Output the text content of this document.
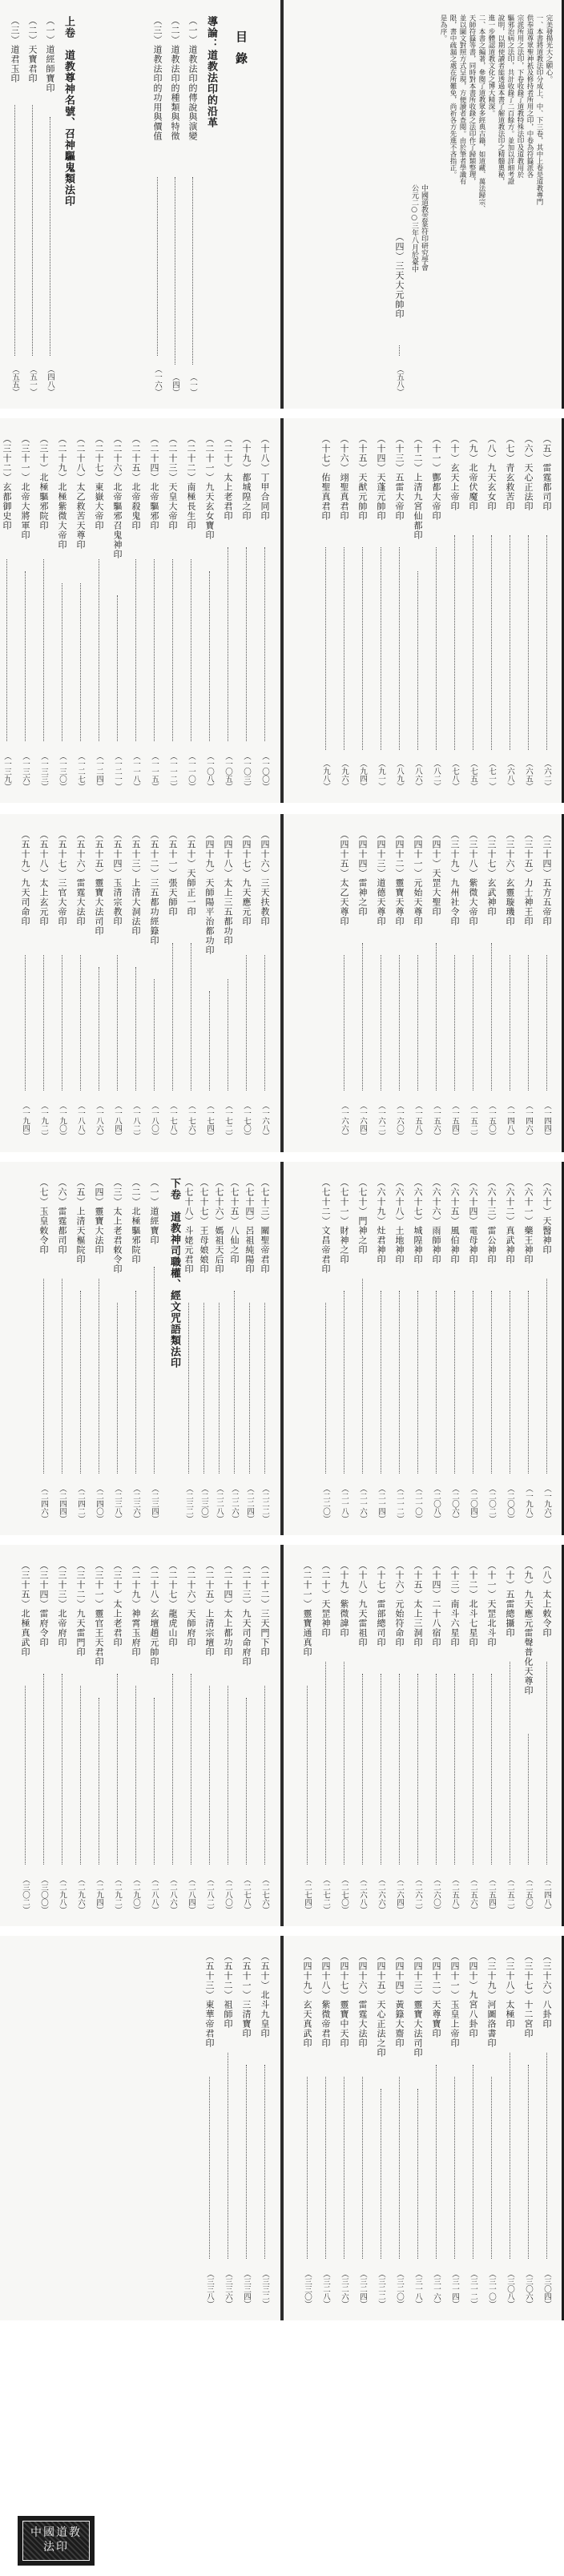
目錄
導論：道教法印的沿革
上卷　道教尊神名號、召神驅鬼類法印	（一）道教法印的傳說與演變
（一）
（二）道教法印的種類與特徵
（四）
（三）道教法印的功用與價值
（一六）
（一）道經師寶印
（四八）
（二）天寶君印
（五一）
（三）道君玉印
（五五）
完美發揚光大之願心。
一、本書將道教法印分成上、中、下三卷，其中上卷是道教專門
供奉道尊眾聖神祇及修持者所用之印，中卷為符籙派各
宗派所用之法印，下卷收錄了道教特殊法印及道教用於
驅邪治病之法印，共計收錄了二百餘方。並加以詳細考證
說明，以期使讀者能透過本書了解道教法印之精髓奧秘，
進一步體認道教文化之博大精深。
二、本書之編著，參閱了道教眾多經典古籍，如道藏、萬法歸宗、
天師符籙等書，同時對本書所收錄之法印作了歸類整理，
並以圖文對照方式呈現，方便讀者查閱。由於筆者學識有
限，書中疏漏之處在所難免，尚祈各方先進不吝指正。
是為序。
中國道教雲篆符印研究學會
公元二○○三年八月於臺中
（四）三天大元帥印
（五八）
（十八）丁甲合同印
（一〇〇）
（十九）都城隍之印
（一〇三）
（二十）太上老君印
（一〇五）
（二十一）九天玄女寶印
（一〇八）
（二十二）南極長生印
（一一〇）
（二十三）天皇大帝印
（一一二）
（二十四）北帝驅邪印
（一一五）
（二十五）北帝殺鬼印
（一一八）
（二十六）北帝驅邪召鬼神印
（一二一）
（二十七）東嶽大帝印
（一二四）
（二十八）太乙救苦天尊印
（一二七）
（二十九）北極紫微大帝印
（一三〇）
（三十）北極驅邪院印
（一三三）
（三十一）北帝大將軍印
（一三六）
（三十二）玄都御史印
（一三九）
（五）雷霆都司印
（六二）
（六）天心正法印
（六五）
（七）青玄救苦印
（六八）
（八）九天玄女印
（七一）
（九）北帝伏魔印
（七五）
（十）玄天上帝印
（七八）
（十一）酆都大帝印
（八二）
（十二）上清九宮仙都印
（八六）
（十三）五雷大帝印
（八九）
（十四）天蓬元帥印
（九一）
（十五）天猷元帥印
（九四）
（十六）翊聖真君印
（九六）
（十七）佑聖真君印
（九八）
（四十六）三天扶教印
（一六八）
（四十七）九天應元印
（一七〇）
（四十八）太上三五都功印
（一七二）
（四十九）天師陽平治都功印
（一七四）
（五十）天師正一印
（一七六）
（五十一）張天師印
（一七八）
（五十二）三五都功經籙印
（一八〇）
（五十三）上清大洞法印
（一八二）
（五十四）玉清宗教印
（一八四）
（五十五）靈寶大法司印
（一八六）
（五十六）雷霆大法印
（一八八）
（五十七）三官大帝印
（一九〇）
（五十八）太上玄元印
（一九二）
（五十九）九天司命印
（一九四）
（三十四）五方五帝印
（一四四）
（三十五）力士神王印
（一四六）
（三十六）玄靈璇璣印
（一四八）
（三十七）玄武神印
（一五〇）
（三十八）紫微大帝印
（一五二）
（三十九）九州社令印
（一五四）
（四十）天罡大聖印
（一五六）
（四十一）元始天尊印
（一五八）
（四十二）靈寶天尊印
（一六〇）
（四十三）道德天尊印
（一六二）
（四十四）雷神之印
（一六四）
（四十五）太乙天尊印
（一六六）
下卷　道教神司職權、經文咒語類法印	（七十三）關聖帝君印
（二二二）
（七十四）呂祖純陽印
（二二四）
（七十五）八仙之印
（二二六）
（七十六）媽祖天后印
（二二八）
（七十七）王母娘娘印
（二三〇）
（七十八）斗姥元君印
（二三二）
（一）道經寶印
（二三四）
（二）北極驅邪院印
（二三六）
（三）太上老君敕令印
（二三八）
（四）靈寶大法印
（二四〇）
（五）上清天樞院印
（二四二）
（六）雷霆都司印
（二四四）
（七）玉皇敕令印
（二四六）
（六十）天醫神印
（一九六）
（六十一）藥王神印
（一九八）
（六十二）真武神印
（二〇〇）
（六十三）雷公神印
（二〇二）
（六十四）電母神印
（二〇四）
（六十五）風伯神印
（二〇六）
（六十六）雨師神印
（二〇八）
（六十七）城隍神印
（二一〇）
（六十八）土地神印
（二一二）
（六十九）灶君神印
（二一四）
（七十）門神之印
（二一六）
（七十一）財神之印
（二一八）
（七十二）文昌帝君印
（二二〇）
（二十二）三天門下印
（二七六）
（二十三）九天司命府印
（二七八）
（二十四）太上都功印
（二八〇）
（二十五）上清宗壇印
（二八二）
（二十六）天師府印
（二八四）
（二十七）龍虎山印
（二八六）
（二十八）玄壇趙元帥印
（二八八）
（二十九）神霄玉府印
（二九〇）
（三十）太上老君印
（二九二）
（三十一）靈官王天君印
（二九四）
（三十二）九天雷門印
（二九六）
（三十三）北帝府印
（二九八）
（三十四）雷府令印
（三〇〇）
（三十五）北極真武印
（三〇二）
（八）太上敕令印
（二四八）
（九）九天應元雷聲普化天尊印
（二五〇）
（十）五雷總攝印
（二五二）
（十一）天罡北斗印
（二五四）
（十二）北斗七星印
（二五六）
（十三）南斗六星印
（二五八）
（十四）二十八宿印
（二六〇）
（十五）太上三洞印
（二六二）
（十六）元始符命印
（二六四）
（十七）雷部總司印
（二六六）
（十八）九天雷祖印
（二六八）
（十九）紫微諱印
（二七〇）
（二十）天罡神印
（二七二）
（二十一）靈寶通真印
（二七四）
（五十）北斗九皇印
（三三二）
（五十一）三清寶印
（三三四）
（五十二）祖師印
（三三六）
（五十三）東華帝君印
（三三八）
（三十六）八卦印
（三〇四）
（三十七）十二宮印
（三〇六）
（三十八）太極印
（三〇八）
（三十九）河圖洛書印
（三一〇）
（四十）九宮八卦印
（三一二）
（四十一）玉皇上帝印
（三一四）
（四十二）天尊寶印
（三一六）
（四十三）靈寶大法司印
（三一八）
（四十四）黃籙大齋印
（三二〇）
（四十五）天心正法之印
（三二二）
（四十六）雷霆大法印
（三二四）
（四十七）靈寶中天印
（三二六）
（四十八）紫微帝君印
（三二八）
（四十九）玄天真武印
（三三〇）
中國道教法印
